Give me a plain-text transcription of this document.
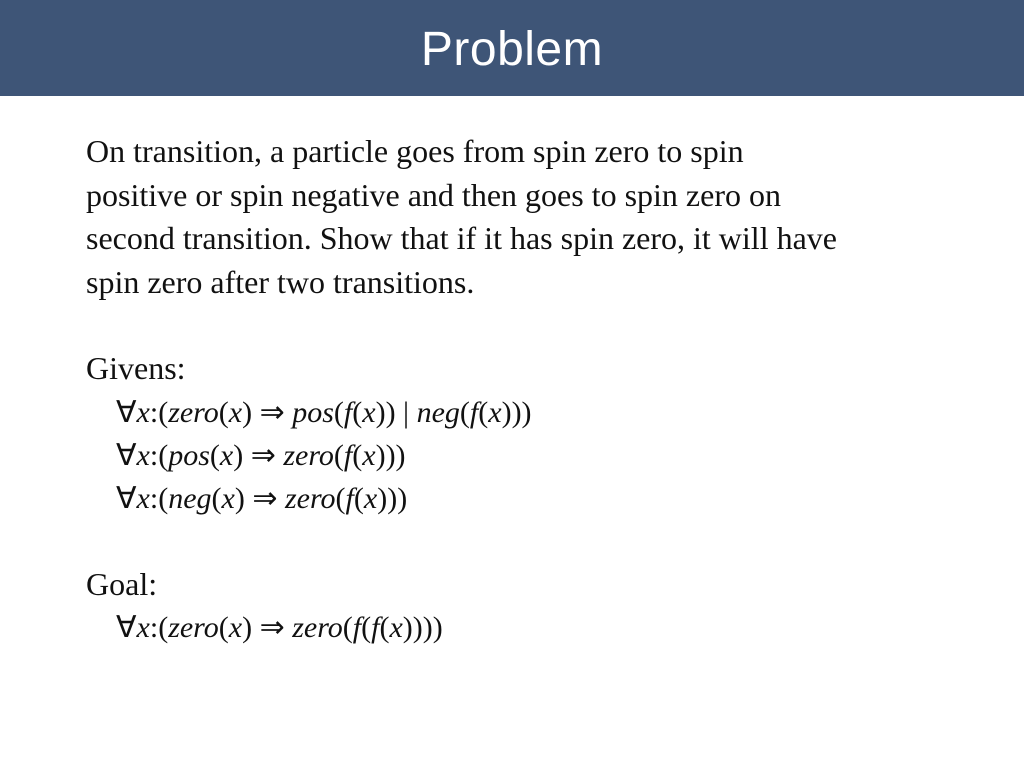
Problem

On transition, a particle goes from spin zero to spin

positive or spin negative and then goes to spin zero on

second transition. Show that if it has spin zero, it will have

spin zero after two transitions.

Givens:

∀x:(zero(x) ⇒ pos(f(x)) | neg(f(x)))

∀x:(pos(x) ⇒ zero(f(x)))

∀x:(neg(x) ⇒ zero(f(x)))

Goal:

∀x:(zero(x) ⇒ zero(f(f(x))))
